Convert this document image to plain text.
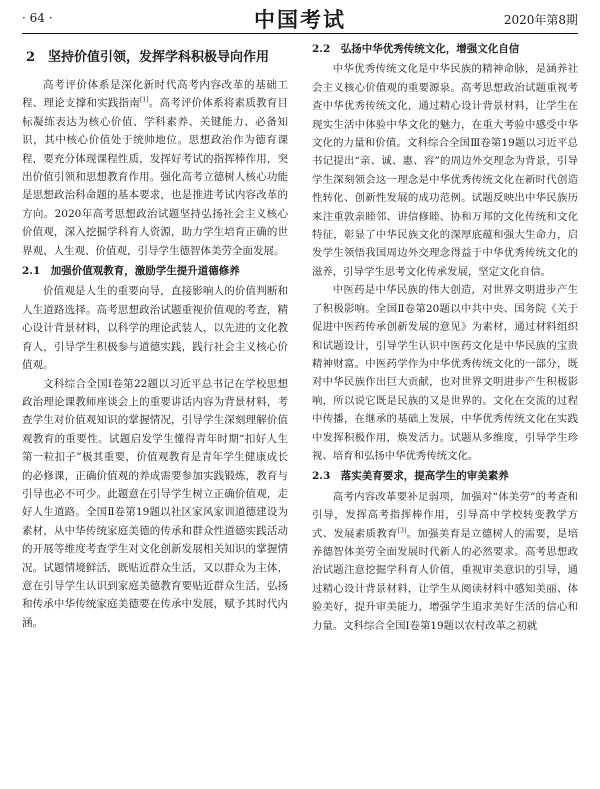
· 64 ·	中国考试	2020年第8期
2　坚持价值引领，发挥学科积极导向作用

高考评价体系是深化新时代高考内容改革的基础工程、理论支撑和实践指南[1]。高考评价体系将素质教育目标凝练表达为核心价值、学科素养、关键能力、必备知识，其中核心价值处于统帅地位。思想政治作为德育课程，要充分体现课程性质，发挥好考试的指挥棒作用，突出价值引领和思想教育作用。强化高考立德树人核心功能是思想政治科命题的基本要求，也是推进考试内容改革的方向。2020年高考思想政治试题坚持弘扬社会主义核心价值观，深入挖掘学科育人资源，助力学生培育正确的世界观、人生观、价值观，引导学生德智体美劳全面发展。

2.1　加强价值观教育，激励学生提升道德修养

价值观是人生的重要向导，直接影响人的价值判断和人生道路选择。高考思想政治试题重视价值观的考查，精心设计背景材料，以科学的理论武装人，以先进的文化教育人，引导学生积极参与道德实践，践行社会主义核心价值观。

文科综合全国Ⅰ卷第22题以习近平总书记在学校思想政治理论课教师座谈会上的重要讲话内容为背景材料，考查学生对价值观知识的掌握情况，引导学生深刻理解价值观教育的重要性。试题启发学生懂得青年时期“扣好人生第一粒扣子”极其重要，价值观教育是青年学生健康成长的必修课，正确价值观的养成需要参加实践锻炼，教育与引导也必不可少。此题意在引导学生树立正确价值观，走好人生道路。全国Ⅱ卷第19题以社区家风家训道德建设为素材，从中华传统家庭美德的传承和群众性道德实践活动的开展等维度考查学生对文化创新发展相关知识的掌握情况。试题情境鲜活，既贴近群众生活，又以群众为主体，意在引导学生认识到家庭美德教育要贴近群众生活，弘扬和传承中华传统家庭美德要在传承中发展，赋予其时代内涵。

2.2　弘扬中华优秀传统文化，增强文化自信

中华优秀传统文化是中华民族的精神命脉，是涵养社会主义核心价值观的重要源泉。高考思想政治试题重视考查中华优秀传统文化，通过精心设计背景材料，让学生在现实生活中体验中华文化的魅力，在重大考验中感受中华文化的力量和价值。文科综合全国Ⅲ卷第19题以习近平总书记提出“亲、诚、惠、容”的周边外交理念为背景，引导学生深刻领会这一理念是中华优秀传统文化在新时代创造性转化、创新性发展的成功范例。试题反映出中华民族历来注重敦亲睦邻、讲信修睦、协和万邦的文化传统和文化特征，彰显了中华民族文化的深厚底蕴和强大生命力，启发学生领悟我国周边外交理念得益于中华优秀传统文化的滋养，引导学生思考文化传承发展，坚定文化自信。

中医药是中华民族的伟大创造，对世界文明进步产生了积极影响。全国Ⅱ卷第20题以中共中央、国务院《关于促进中医药传承创新发展的意见》为素材，通过材料组织和试题设计，引导学生认识中医药文化是中华民族的宝贵精神财富。中医药学作为中华优秀传统文化的一部分，既对中华民族作出巨大贡献，也对世界文明进步产生积极影响，所以说它既是民族的又是世界的。文化在交流的过程中传播，在继承的基础上发展，中华优秀传统文化在实践中发挥积极作用，焕发活力。试题从多维度，引导学生珍视、培育和弘扬中华优秀传统文化。

2.3　落实美育要求，提高学生的审美素养

高考内容改革要补足弱项，加强对“体美劳”的考查和引导，发挥高考指挥棒作用，引导高中学校转变教学方式、发展素质教育[3]。加强美育是立德树人的需要，是培养德智体美劳全面发展时代新人的必然要求。高考思想政治试题注意挖掘学科育人价值，重视审美意识的引导，通过精心设计背景材料，让学生从阅读材料中感知美丽、体验美好，提升审美能力，增强学生追求美好生活的信心和力量。文科综合全国Ⅰ卷第19题以农村改革之初就
